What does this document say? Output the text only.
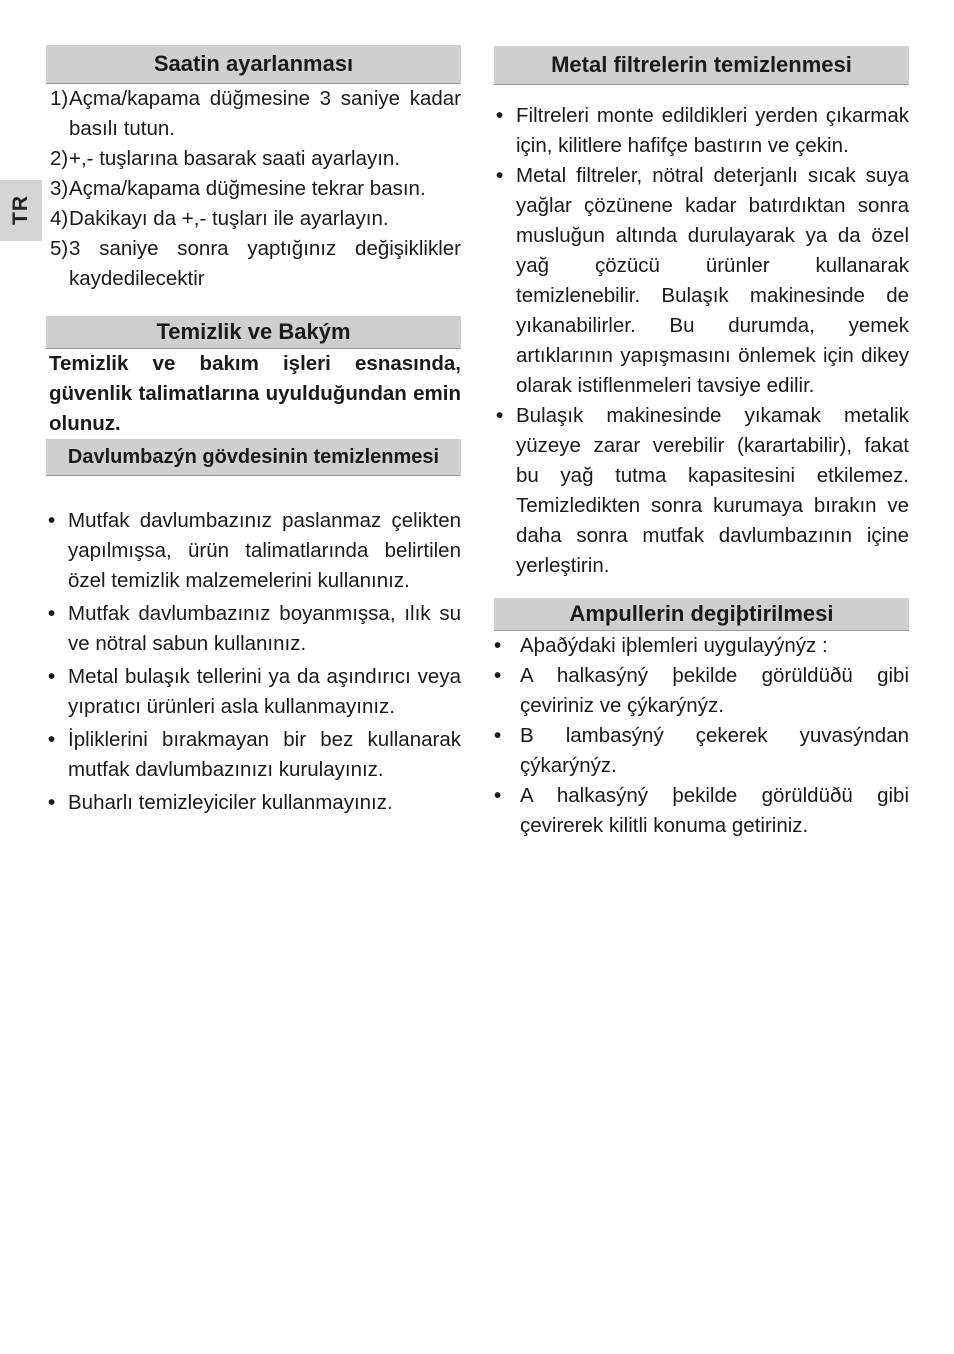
TR
Saatin ayarlanması
1) Açma/kapama düğmesine 3 saniye kadar basılı tutun.
2) +,- tuşlarına basarak saati ayarlayın.
3) Açma/kapama düğmesine tekrar basın.
4) Dakikayı da +,- tuşları ile ayarlayın.
5) 3 saniye sonra yaptığınız değişiklikler kaydedilecektir
Temizlik ve Bakým

Temizlik ve bakım işleri esnasında, güvenlik talimatlarına uyulduğundan emin olunuz.

Davlumbazýn gövdesinin temizlenmesi
• Mutfak davlumbazınız paslanmaz çelikten yapılmışsa, ürün talimatlarında belirtilen özel temizlik malzemelerini kullanınız.
• Mutfak davlumbazınız boyanmışsa, ılık su ve nötral sabun kullanınız.
• Metal bulaşık tellerini ya da aşındırıcı veya yıpratıcı ürünleri asla kullanmayınız.
• İpliklerini bırakmayan bir bez kullanarak mutfak davlumbazınızı kurulayınız.
• Buharlı temizleyiciler kullanmayınız.
Metal filtrelerin temizlenmesi
• Filtreleri monte edildikleri yerden çıkarmak için, kilitlere hafifçe bastırın ve çekin.
• Metal filtreler, nötral deterjanlı sıcak suya yağlar çözünene kadar batırdıktan sonra musluğun altında durulayarak ya da özel yağ çözücü ürünler kullanarak temizlenebilir. Bulaşık makinesinde de yıkanabilirler. Bu durumda, yemek artıklarının yapışmasını önlemek için dikey olarak istiflenmeleri tavsiye edilir.
• Bulaşık makinesinde yıkamak metalik yüzeye zarar verebilir (karartabilir), fakat bu yağ tutma kapasitesini etkilemez. Temizledikten sonra kurumaya bırakın ve daha sonra mutfak davlumbazının içine yerleştirin.
Ampullerin degiþtirilmesi
• Aþaðýdaki iþlemleri uygulayýnýz :
• A halkasýný þekilde görüldüðü gibi çeviriniz ve çýkarýnýz.
• B lambasýný çekerek yuvasýndan çýkarýnýz.
• A halkasýný þekilde görüldüðü gibi çevirerek kilitli konuma getiriniz.
